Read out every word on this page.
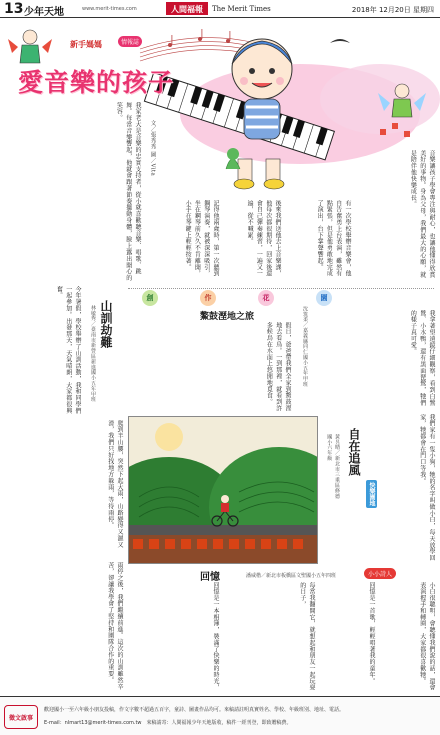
13 少年天地	www.merit-times.com	人間福報	The Merit Times	2018年 12月20日 星期四
新手媽媽	情報誌
愛音樂的孩子
我家老大是音樂的忠實支持者，從小就喜歡聽音樂、唱歌、跳舞。每當音樂響起，他就會跟著節奏擺動身體，臉上露出開心的笑容。
文／張秀秀 圖／Vita
記得他兩歲時，第一次聽到鋼琴演奏，就被深深吸引，坐在鋼琴前久久不肯離開，小手在琴鍵上輕輕按著。	後來我們送他去上音樂課，他每次都很期待，回家後還會自己彈奏練習，一遍又一遍，從不喊累。	有一次學校舉辦音樂會，他自告奮勇上台表演，雖然有點緊張，但是他勇敢地完成了演出，台下掌聲響起。	音樂讓孩子學會專注與耐心，也讓他懂得欣賞美好的事物。身為父母，我們最大的心願，就是陪伴他快樂成長。
創	作	花	園
山訓劫難
林敏秀／臺南市新營區新進國小五年甲班
今年暑假，學校舉辦了山訓活動，我和同學們一起參加。出發那天，天氣晴朗，大家都很興奮。
爬到半山腰，突然下起大雨，山路變得又濕又滑，我們只好找地方躲雨，等待雨停。
雨停之後，我們繼續前進。這次的山訓雖然辛苦，卻讓我學會了堅持和團隊合作的重要。
鰲鼓溼地之旅	沈筑柔／嘉義縣同仁國小五年甲班
假日，爸爸帶我們全家到鰲鼓溼地去看鳥。一到那裡，就看到許多候鳥在水面上悠閒地覓食。	我拿著望遠鏡仔細觀察，看到白鷺鷥、小水鴨，還有黑面琵鷺，牠們的樣子真可愛。
自在追風
黃昱晴／新北市三重區修德國小六年級
快樂園地	我們家有一隻小狗，牠的名字叫做小白，每天放學回家，牠都會在門口等我。
回憶	潘威楷／新北市板橋區文聖國小五年四班	小小詩人
回憶是一本相簿，裝滿了快樂的時光，	每當我翻開它，就想起和朋友一起玩耍的日子，	回憶是一首歌，輕輕唱著我的童年。	小白很聰明，會聽懂我們說的話，還會表演握手和轉圈，大家都很喜歡牠。
徵文啟事
歡迎國小一至六年級小朋友投稿，作文字數不超過五百字，童詩、圖畫作品均可。來稿請註明真實姓名、學校、年級班別、地址、電話。
E-mail：nlmart13@merit-times.com.tw　來稿請寄：人間福報少年天地版收，稿件一經刊登，即致贈稿費。
